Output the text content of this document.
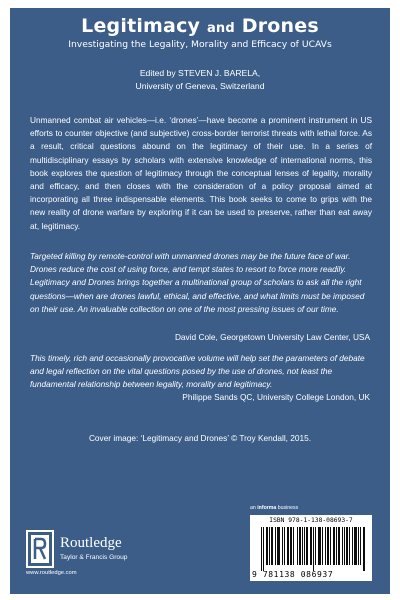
Legitimacy and Drones
Investigating the Legality, Morality and Efficacy of UCAVs
Edited by STEVEN J. BARELA,
University of Geneva, Switzerland

Unmanned combat air vehicles—i.e. ‘drones’—have become a prominent instrument in US efforts to counter objective (and subjective) cross-border terrorist threats with lethal force. As a result, critical questions abound on the legitimacy of their use. In a series of multidisciplinary essays by scholars with extensive knowledge of international norms, this book explores the question of legitimacy through the conceptual lenses of legality, morality and efficacy, and then closes with the consideration of a policy proposal aimed at incorporating all three indispensable elements. This book seeks to come to grips with the new reality of drone warfare by exploring if it can be used to preserve, rather than eat away at, legitimacy.

Targeted killing by remote-control with unmanned drones may be the future face of war. Drones reduce the cost of using force, and tempt states to resort to force more readily. Legitimacy and Drones brings together a multinational group of scholars to ask all the right questions—when are drones lawful, ethical, and effective, and what limits must be imposed on their use. An invaluable collection on one of the most pressing issues of our time.

David Cole, Georgetown University Law Center, USA

This timely, rich and occasionally provocative volume will help set the parameters of debate and legal reflection on the vital questions posed by the use of drones, not least the fundamental relationship between legality, morality and legitimacy.

Philippe Sands QC, University College London, UK
Cover image: ‘Legitimacy and Drones’ © Troy Kendall, 2015.
an informa business
Routledge
Taylor & Francis Group
www.routledge.com
ISBN 978-1-138-08693-7
9 781138 086937
